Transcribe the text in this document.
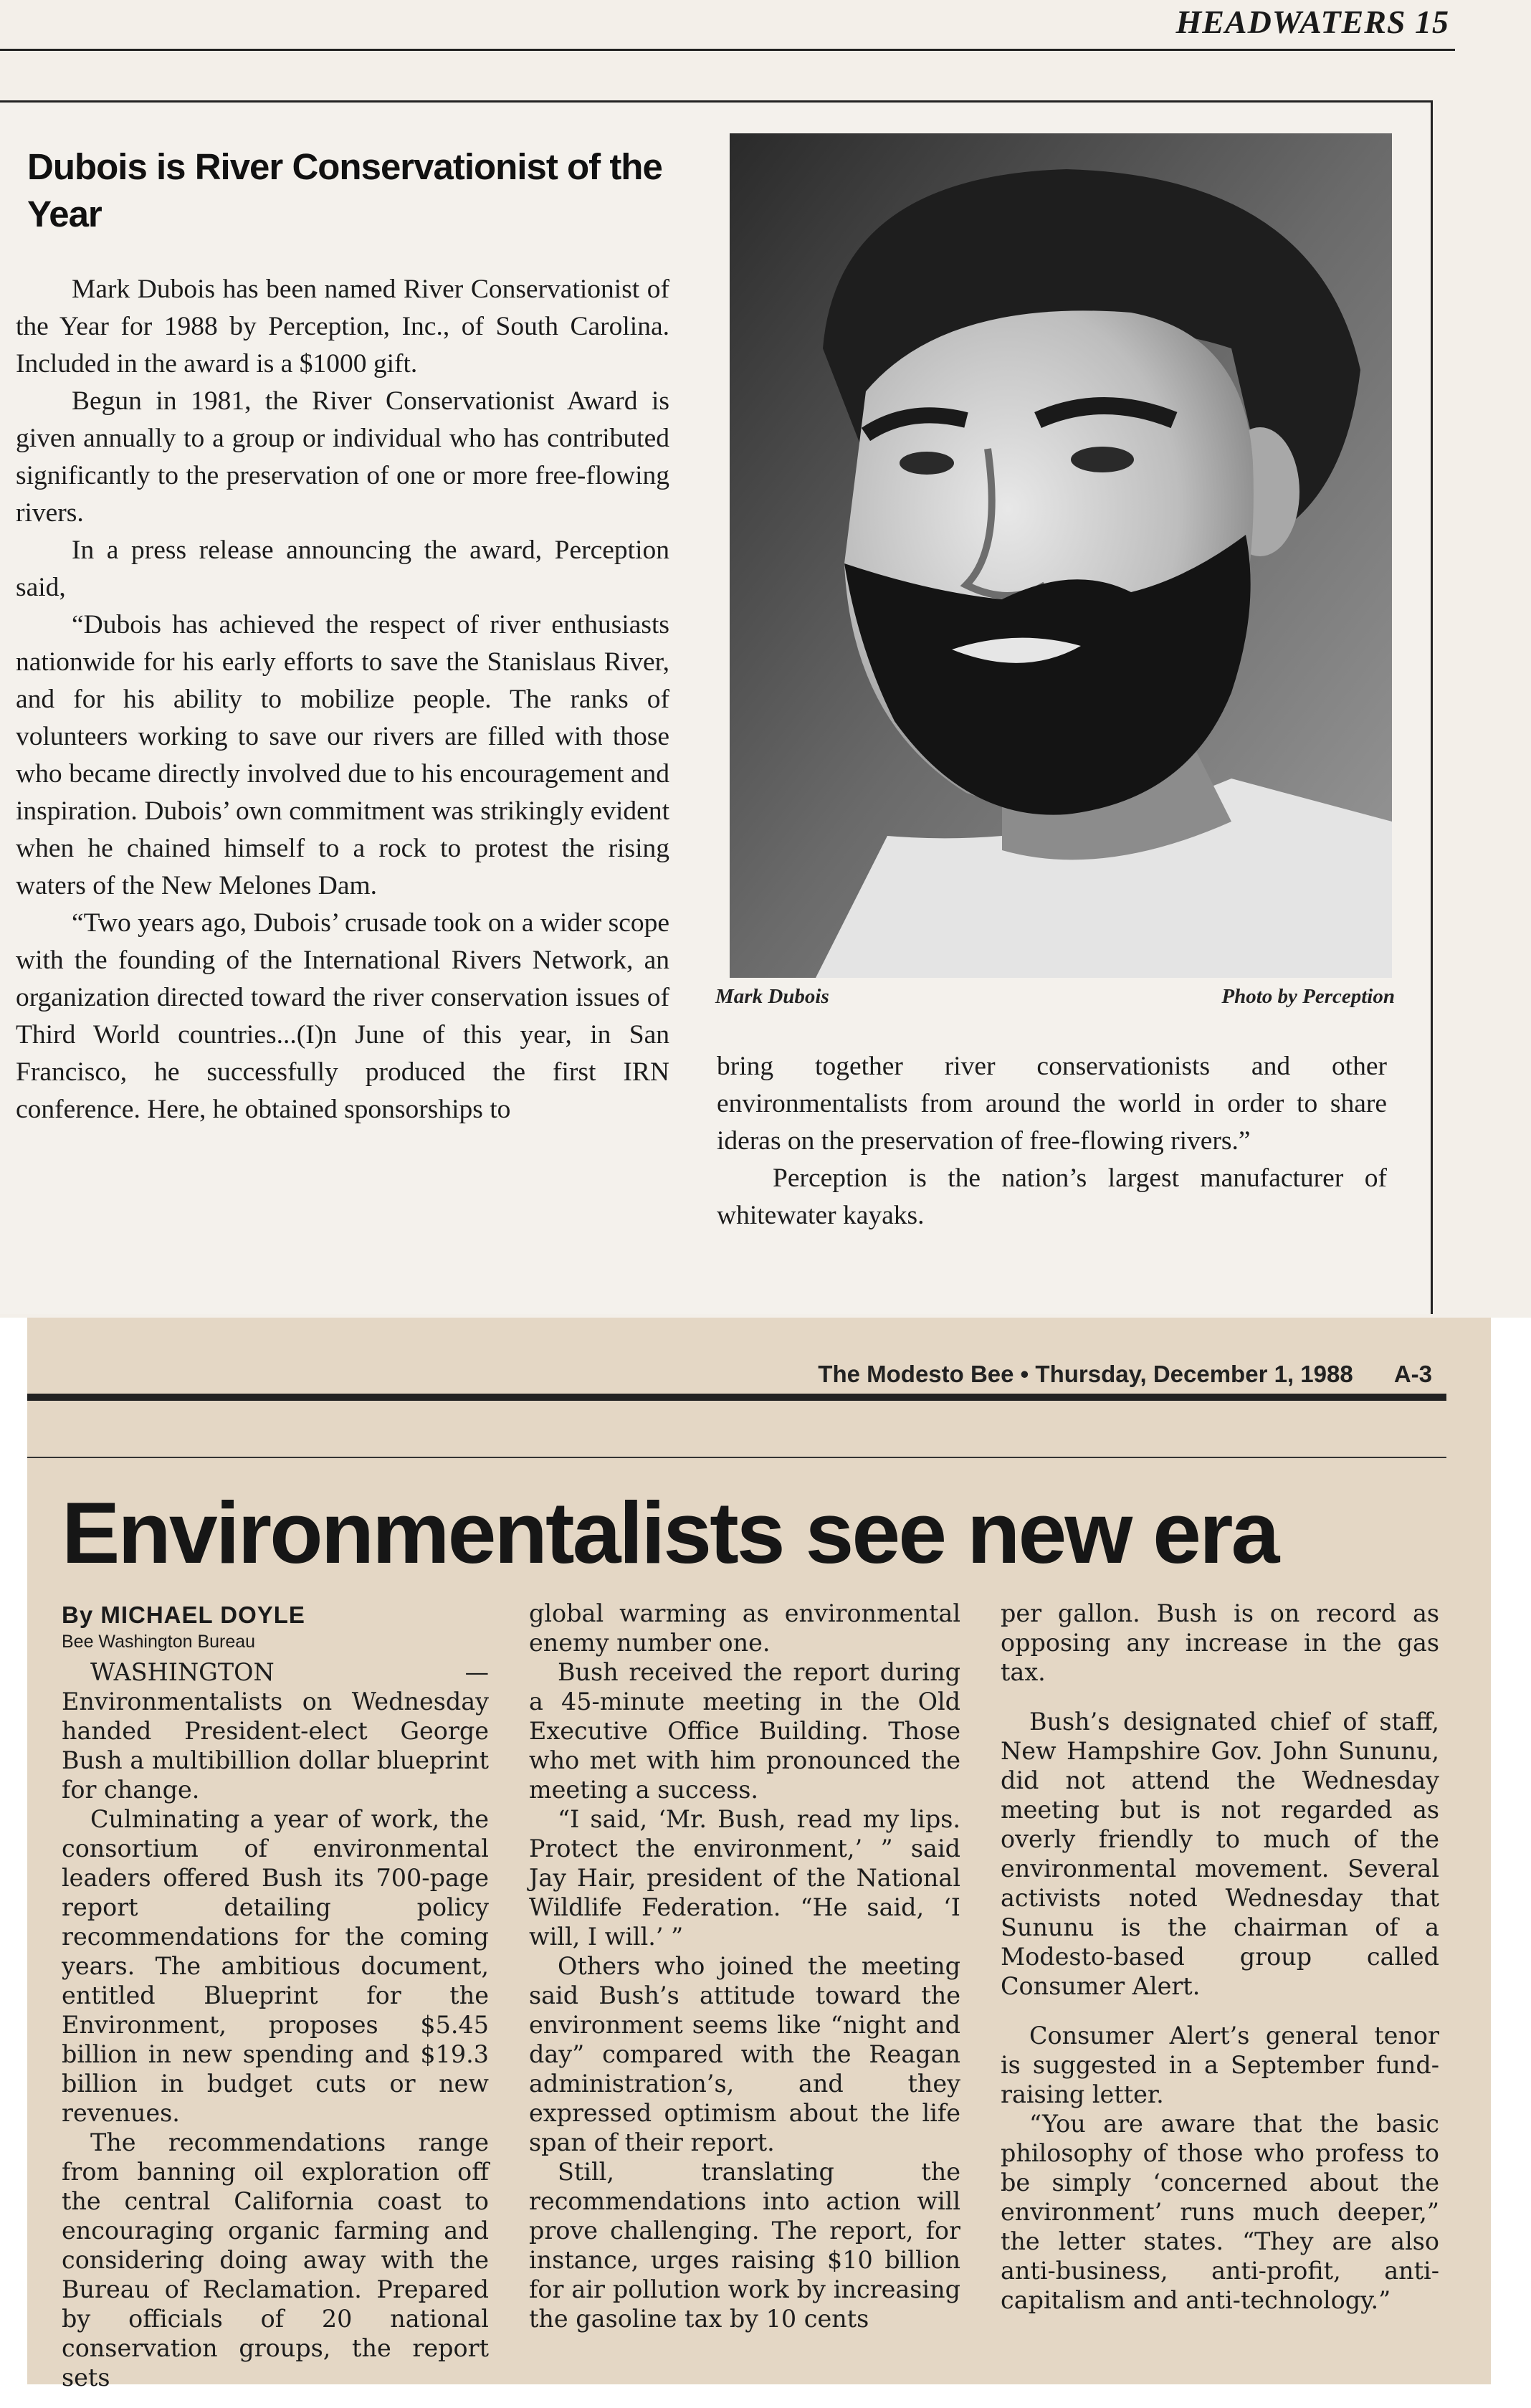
HEADWATERS 15
Dubois is River Conservationist of the Year

Mark Dubois has been named River Conservationist of the Year for 1988 by Perception, Inc., of South Carolina. Included in the award is a $1000 gift.

Begun in 1981, the River Conservationist Award is given annually to a group or individual who has contributed significantly to the preservation of one or more free-flowing rivers.

In a press release announcing the award, Perception said,

“Dubois has achieved the respect of river enthusiasts nationwide for his early efforts to save the Stanislaus River, and for his ability to mobilize people. The ranks of volunteers working to save our rivers are filled with those who became directly involved due to his encouragement and inspiration. Dubois’ own commitment was strikingly evident when he chained himself to a rock to protest the rising waters of the New Melones Dam.

“Two years ago, Dubois’ crusade took on a wider scope with the founding of the International Rivers Network, an organization directed toward the river conservation issues of Third World countries...(I)n June of this year, in San Francisco, he successfully produced the first IRN conference. Here, he obtained sponsorships to

Mark Dubois	Photo by Perception

bring together river conservationists and other environmentalists from around the world in order to share ideras on the preservation of free-flowing rivers.”

Perception is the nation’s largest manufacturer of whitewater kayaks.

The Modesto Bee • Thursday, December 1, 1988 A-3
Environmentalists see new era
By MICHAEL DOYLE
Bee Washington Bureau

WASHINGTON — Environmentalists on Wednesday handed President-elect George Bush a multibillion dollar blueprint for change.

Culminating a year of work, the consortium of environmental leaders offered Bush its 700-page report detailing policy recommendations for the coming years. The ambitious document, entitled Blueprint for the Environment, proposes $5.45 billion in new spending and $19.3 billion in budget cuts or new revenues.

The recommendations range from banning oil exploration off the central California coast to encouraging organic farming and considering doing away with the Bureau of Reclamation. Prepared by officials of 20 national conservation groups, the report sets

global warming as environmental enemy number one.

Bush received the report during a 45-minute meeting in the Old Executive Office Building. Those who met with him pronounced the meeting a success.

“I said, ‘Mr. Bush, read my lips. Protect the environment,’ ” said Jay Hair, president of the National Wildlife Federation. “He said, ‘I will, I will.’ ”

Others who joined the meeting said Bush’s attitude toward the environment seems like “night and day” compared with the Reagan administration’s, and they expressed optimism about the life span of their report.

Still, translating the recommendations into action will prove challenging. The report, for instance, urges raising $10 billion for air pollution work by increasing the gasoline tax by 10 cents

per gallon. Bush is on record as opposing any increase in the gas tax.

Bush’s designated chief of staff, New Hampshire Gov. John Sununu, did not attend the Wednesday meeting but is not regarded as overly friendly to much of the environmental movement. Several activists noted Wednesday that Sununu is the chairman of a Modesto-based group called Consumer Alert.

Consumer Alert’s general tenor is suggested in a September fund-raising letter.

“You are aware that the basic philosophy of those who profess to be simply ‘concerned about the environment’ runs much deeper,” the letter states. “They are also anti-business, anti-profit, anti-capitalism and anti-technology.”
